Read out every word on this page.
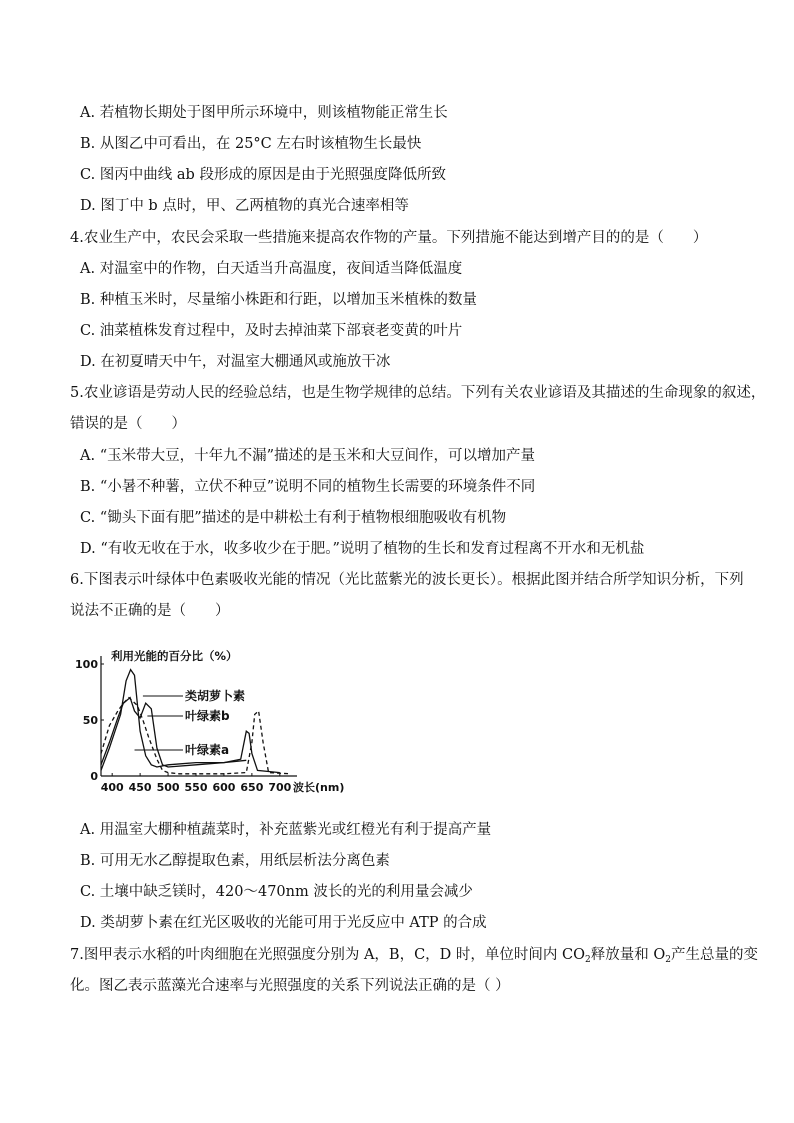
A. 若植物长期处于图甲所示环境中，则该植物能正常生长
B. 从图乙中可看出，在 25°C 左右时该植物生长最快
C. 图丙中曲线 ab 段形成的原因是由于光照强度降低所致
D. 图丁中 b 点时，甲、乙两植物的真光合速率相等
4.农业生产中，农民会采取一些措施来提高农作物的产量。下列措施不能达到增产目的的是（　　）
A. 对温室中的作物，白天适当升高温度，夜间适当降低温度
B. 种植玉米时，尽量缩小株距和行距，以增加玉米植株的数量
C. 油菜植株发育过程中，及时去掉油菜下部衰老变黄的叶片
D. 在初夏晴天中午，对温室大棚通风或施放干冰
5.农业谚语是劳动人民的经验总结，也是生物学规律的总结。下列有关农业谚语及其描述的生命现象的叙述，
错误的是（　　）
A. “玉米带大豆，十年九不漏”描述的是玉米和大豆间作，可以增加产量
B. “小暑不种薯，立伏不种豆”说明不同的植物生长需要的环境条件不同
C. “锄头下面有肥”描述的是中耕松土有利于植物根细胞吸收有机物
D. “有收无收在于水，收多收少在于肥。”说明了植物的生长和发育过程离不开水和无机盐
6.下图表示叶绿体中色素吸收光能的情况（光比蓝紫光的波长更长）。根据此图并结合所学知识分析，下列
说法不正确的是（　　）
0
50
100
400 450 500 550 600 650 700
利用光能的百分比（%）
波长(nm)
类胡萝卜素
叶绿素b
叶绿素a
A. 用温室大棚种植蔬菜时，补充蓝紫光或红橙光有利于提高产量
B. 可用无水乙醇提取色素，用纸层析法分离色素
C. 土壤中缺乏镁时，420～470nm 波长的光的利用量会减少
D. 类胡萝卜素在红光区吸收的光能可用于光反应中 ATP 的合成
7.图甲表示水稻的叶肉细胞在光照强度分别为 A，B，C，D 时，单位时间内 $CO_2$释放量和 $O_2$产生总量的变
化。图乙表示蓝藻光合速率与光照强度的关系下列说法正确的是（ ）
